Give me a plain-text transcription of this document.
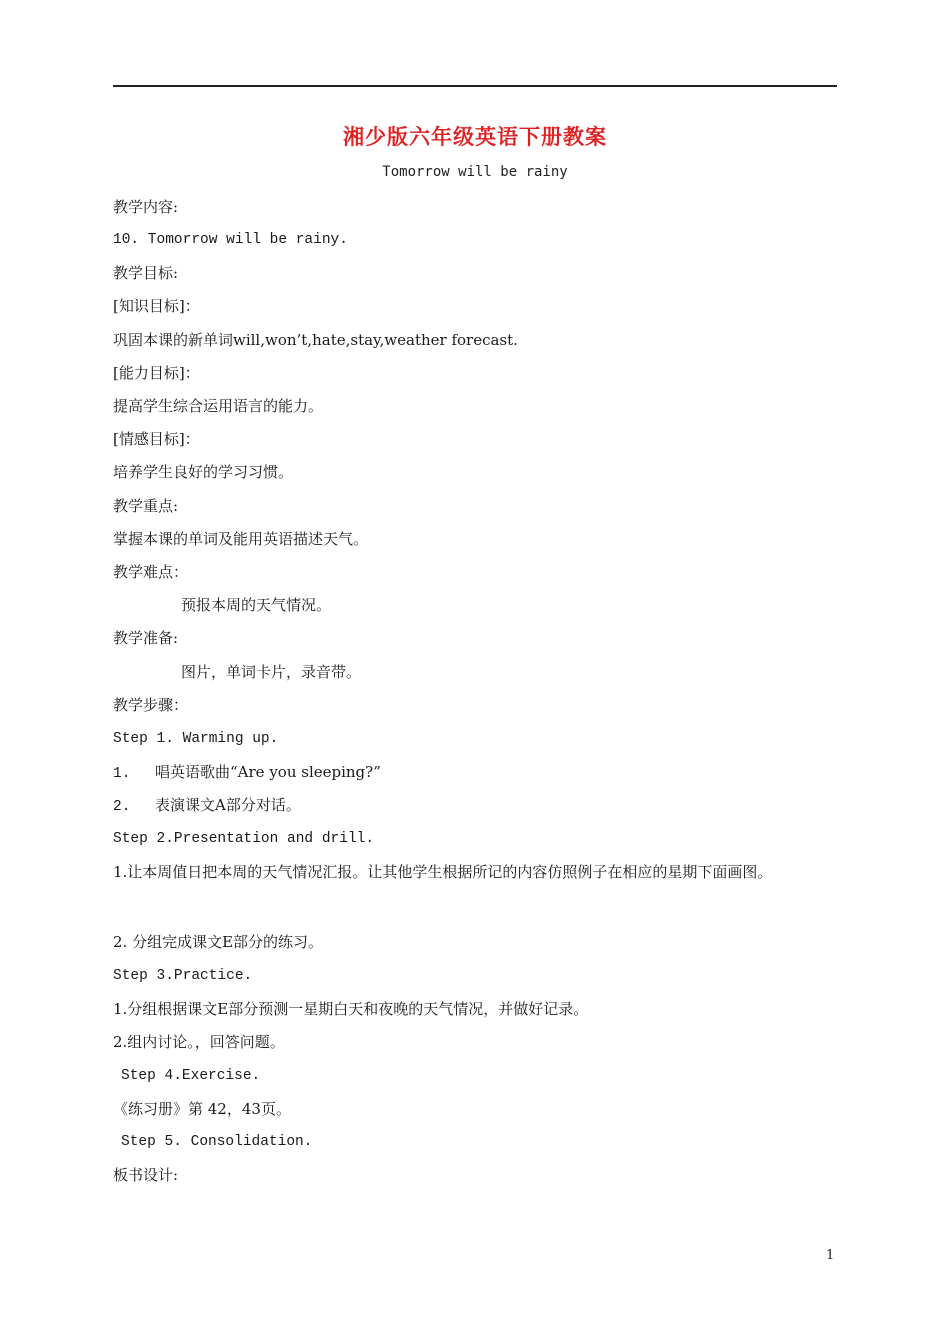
湘少版六年级英语下册教案
Tomorrow will be rainy
教学内容:
10. Tomorrow will be rainy.
教学目标:
[知识目标]：
巩固本课的新单词will,won’t,hate,stay,weather forecast.
[能力目标]：
提高学生综合运用语言的能力。
[情感目标]：
培养学生良好的学习习惯。
教学重点:
掌握本课的单词及能用英语描述天气。
教学难点：
预报本周的天气情况。
教学准备:
图片，单词卡片，录音带。
教学步骤：
Step 1. Warming up.
1. 唱英语歌曲“Are you sleeping?”
2. 表演课文A部分对话。
Step 2.Presentation and drill.
1.让本周值日把本周的天气情况汇报。让其他学生根据所记的内容仿照例子在相应的星期下面画图。
2. 分组完成课文E部分的练习。
Step 3.Practice.
1.分组根据课文E部分预测一星期白天和夜晚的天气情况，并做好记录。
2.组内讨论。，回答问题。
Step 4.Exercise.
《练习册》第 42，43页。
Step 5. Consolidation.
板书设计:
1
